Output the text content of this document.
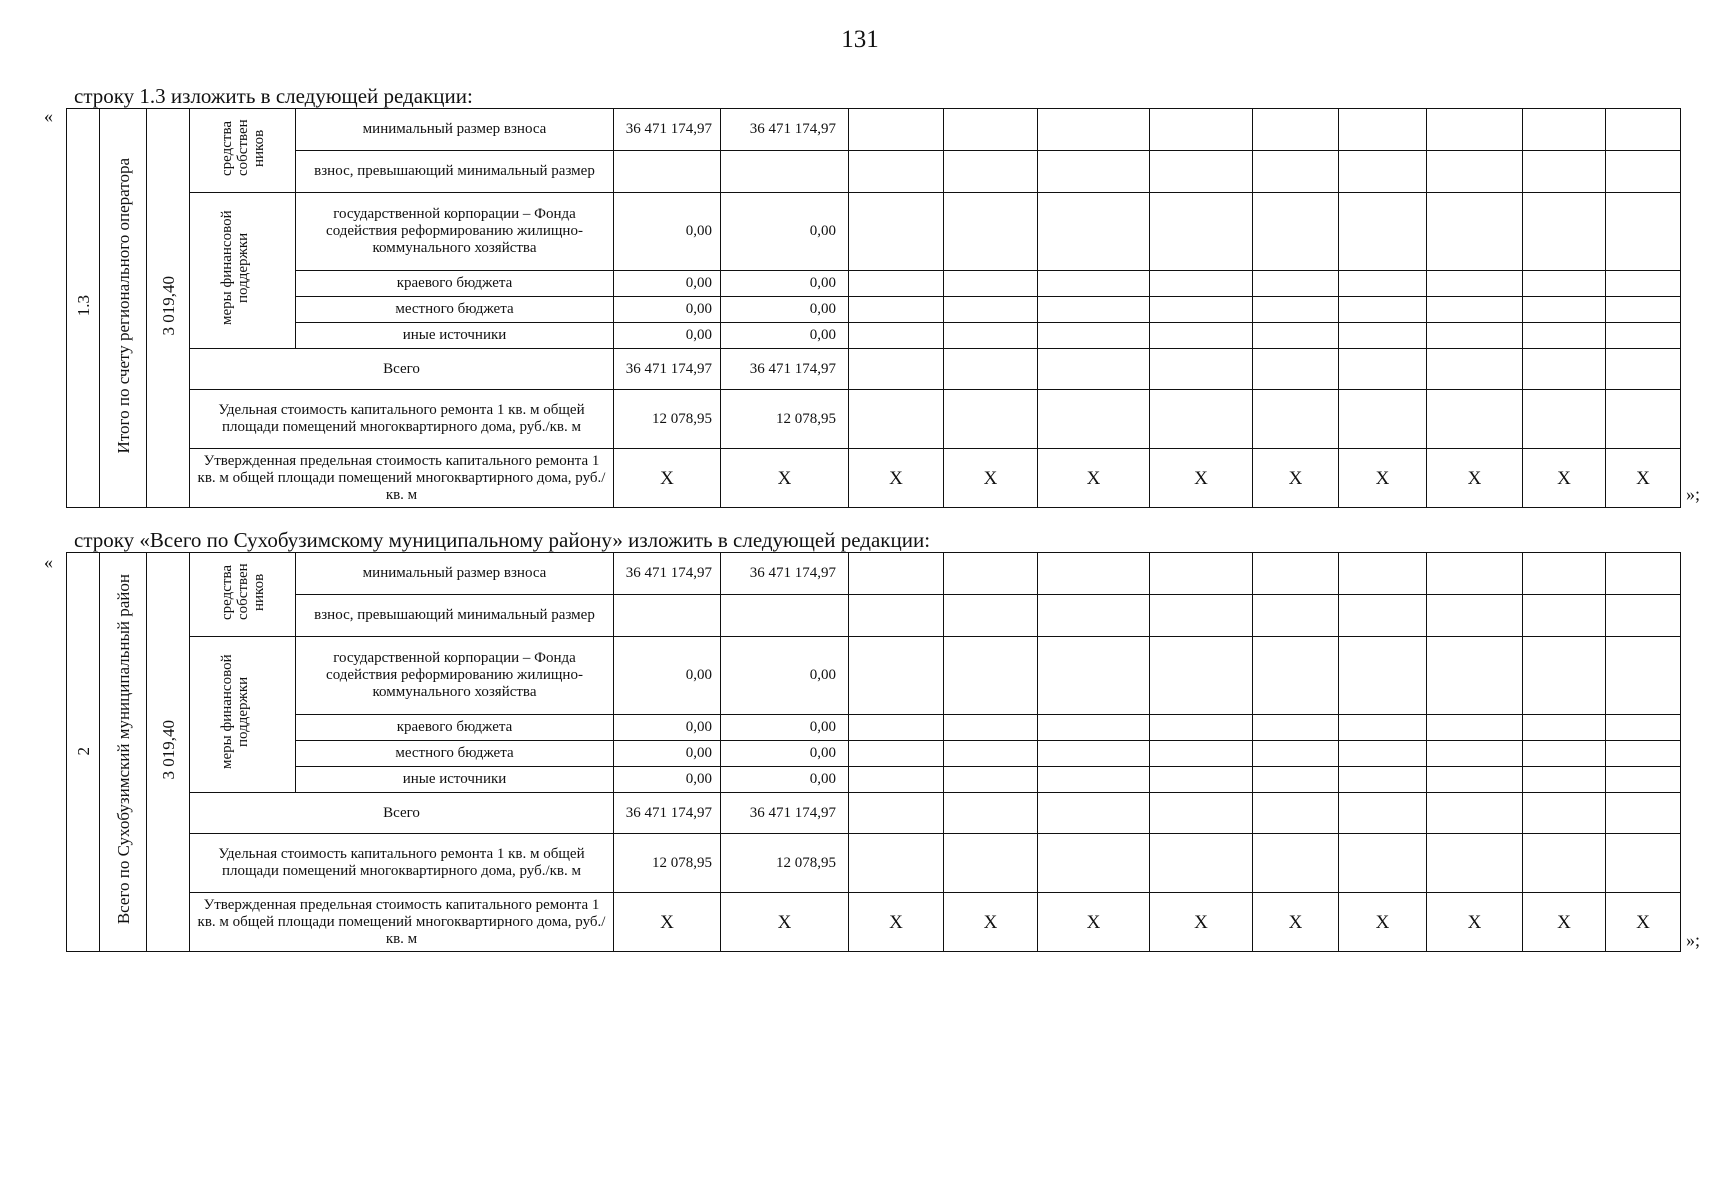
131
строку 1.3 изложить в следующей редакции:
«
1.3	Итого по счету регионального оператора	3 019,40	средства собствен ников	минимальный размер взноса	36 471 174,97	36 471 174,97									
				взнос, превышающий минимальный размер											
			меры финансовой поддержки	государственной корпорации – Фонда содействия реформированию жилищно-коммунального хозяйства	0,00	0,00									
				краевого бюджета	0,00	0,00									
				местного бюджета	0,00	0,00									
				иные источники	0,00	0,00									
			Всего		36 471 174,97	36 471 174,97									
			Удельная стоимость капитального ремонта 1 кв. м общей площади помещений многоквартирного дома, руб./кв. м		12 078,95	12 078,95									
			Утвержденная предельная стоимость капитального ремонта 1 кв. м общей площади помещений многоквартирного дома, руб./кв. м		X	X	X	X	X	X	X	X	X	X	X
»;
строку «Всего по Сухобузимскому муниципальному району» изложить в следующей редакции:
«
2	Всего по Сухобузимский муниципальный район	3 019,40	средства собствен ников	минимальный размер взноса	36 471 174,97	36 471 174,97									
				взнос, превышающий минимальный размер											
			меры финансовой поддержки	государственной корпорации – Фонда содействия реформированию жилищно-коммунального хозяйства	0,00	0,00									
				краевого бюджета	0,00	0,00									
				местного бюджета	0,00	0,00									
				иные источники	0,00	0,00									
			Всего		36 471 174,97	36 471 174,97									
			Удельная стоимость капитального ремонта 1 кв. м общей площади помещений многоквартирного дома, руб./кв. м		12 078,95	12 078,95									
			Утвержденная предельная стоимость капитального ремонта 1 кв. м общей площади помещений многоквартирного дома, руб./кв. м		X	X	X	X	X	X	X	X	X	X	X
»;
